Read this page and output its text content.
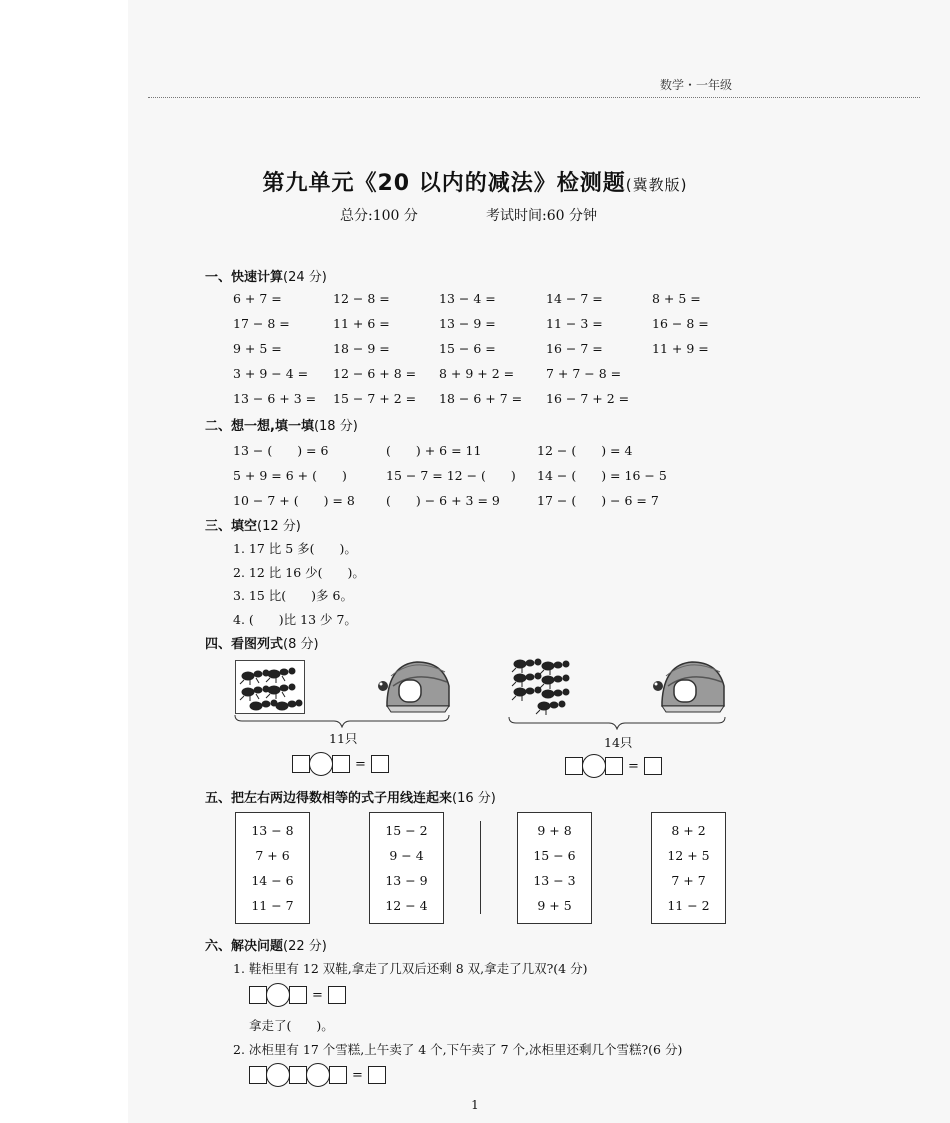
数学・一年级
第九单元《20 以内的减法》检测题(冀教版)
总分:100 分	考试时间:60 分钟
一、快速计算(24 分)
6 + 7 =	12 − 8 =	13 − 4 =	14 − 7 =	8 + 5 =
17 − 8 =	11 + 6 =	13 − 9 =	11 − 3 =	16 − 8 =
9 + 5 =	18 − 9 =	15 − 6 =	16 − 7 =	11 + 9 =
3 + 9 − 4 = 12 − 6 + 8 = 8 + 9 + 2 =	7 + 7 − 8 =
13 − 6 + 3 = 15 − 7 + 2 = 18 − 6 + 7 = 16 − 7 + 2 =
二、想一想,填一填(18 分)
13 − (　　) = 6	(　　) + 6 = 11	12 − (　　) = 4
5 + 9 = 6 + (　　)	15 − 7 = 12 − (　　) 14 − (　　) = 16 − 5
10 − 7 + (　　) = 8 (　　) − 6 + 3 = 9	17 − (　　) − 6 = 7
三、填空(12 分)
1. 17 比 5 多(　　)。
2. 12 比 16 少(　　)。
3. 15 比(　　)多 6。
4. (　　)比 13 少 7。
四、看图列式(8 分)
11只
=
14只
=
五、把左右两边得数相等的式子用线连起来(16 分)
13 − 8
7 + 6
14 − 6
11 − 7
15 − 2
9 − 4
13 − 9
12 − 4
9 + 8
15 − 6
13 − 3
9 + 5
8 + 2
12 + 5
7 + 7
11 − 2
六、解决问题(22 分)
1. 鞋柜里有 12 双鞋,拿走了几双后还剩 8 双,拿走了几双?(4 分)
=
拿走了(　　)。
2. 冰柜里有 17 个雪糕,上午卖了 4 个,下午卖了 7 个,冰柜里还剩几个雪糕?(6 分)
=
1
